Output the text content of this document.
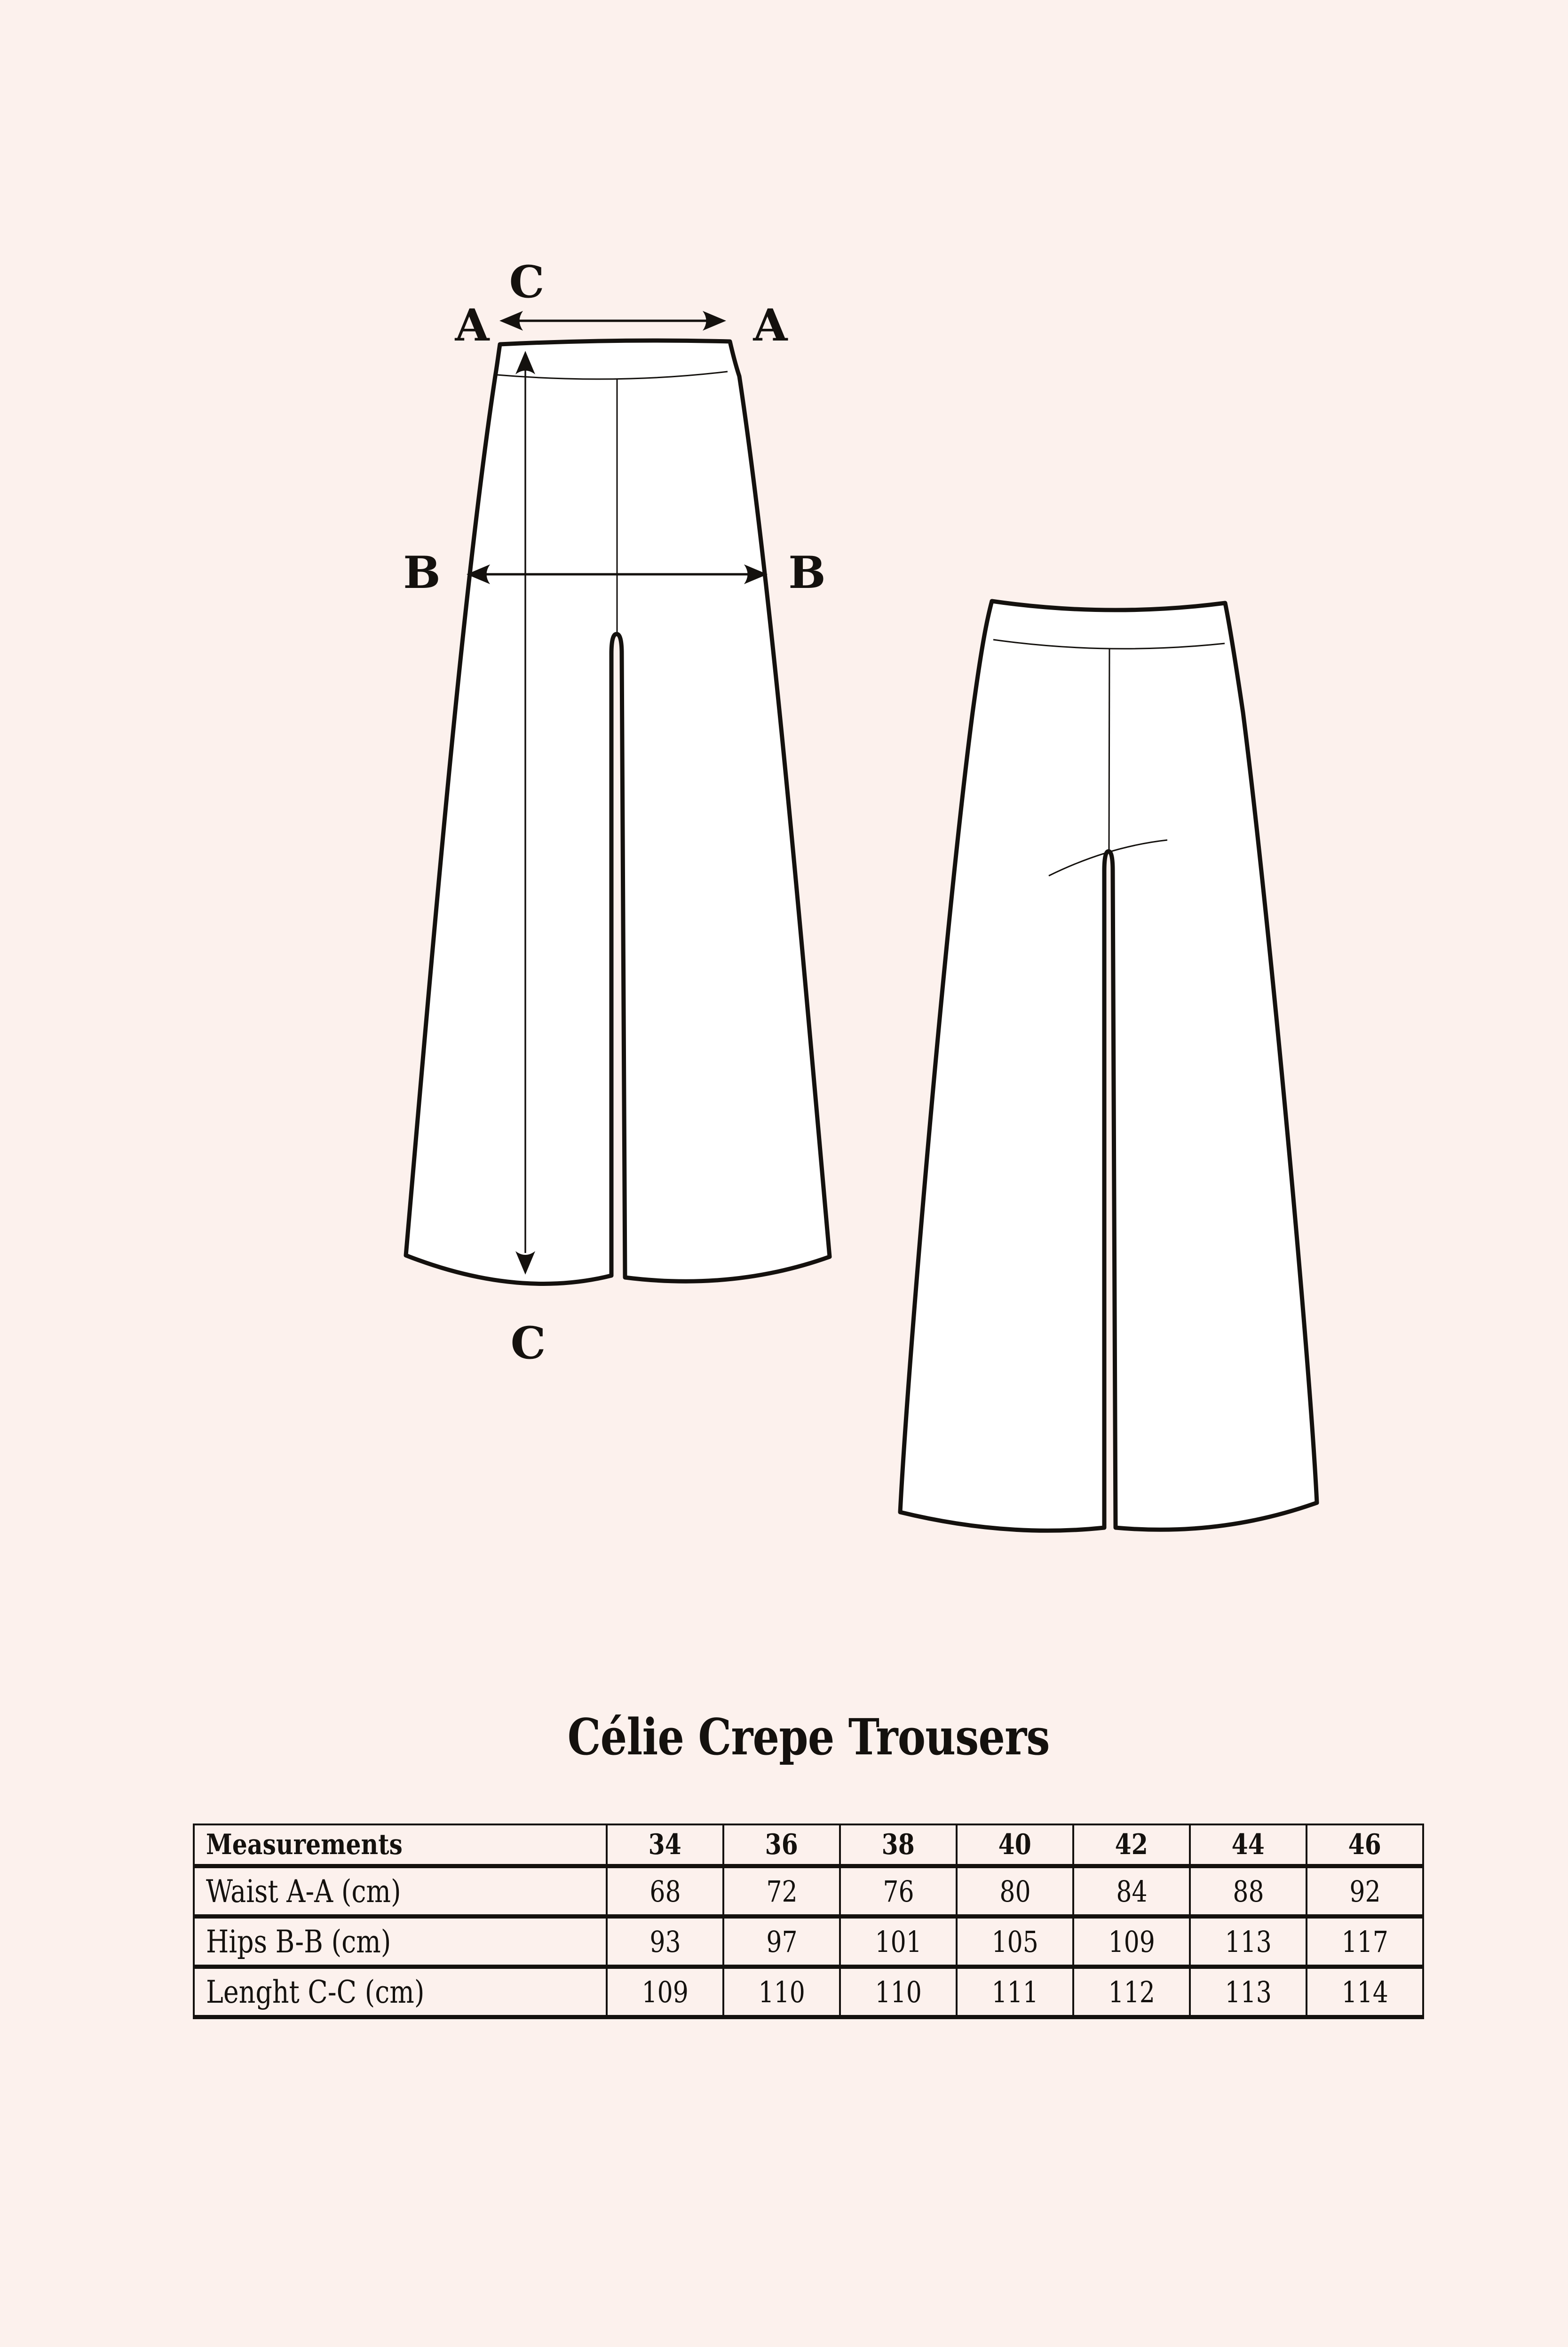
C
A	A
B	B
C
Célie Crepe Trousers
Measurements	34	36	38	40	42	44	46
Waist A-A (cm)	68	72	76	80	84	88	92
Hips B-B (cm)	93	97	101	105	109	113	117
Lenght C-C (cm)	109	110	110	111	112	113	114
